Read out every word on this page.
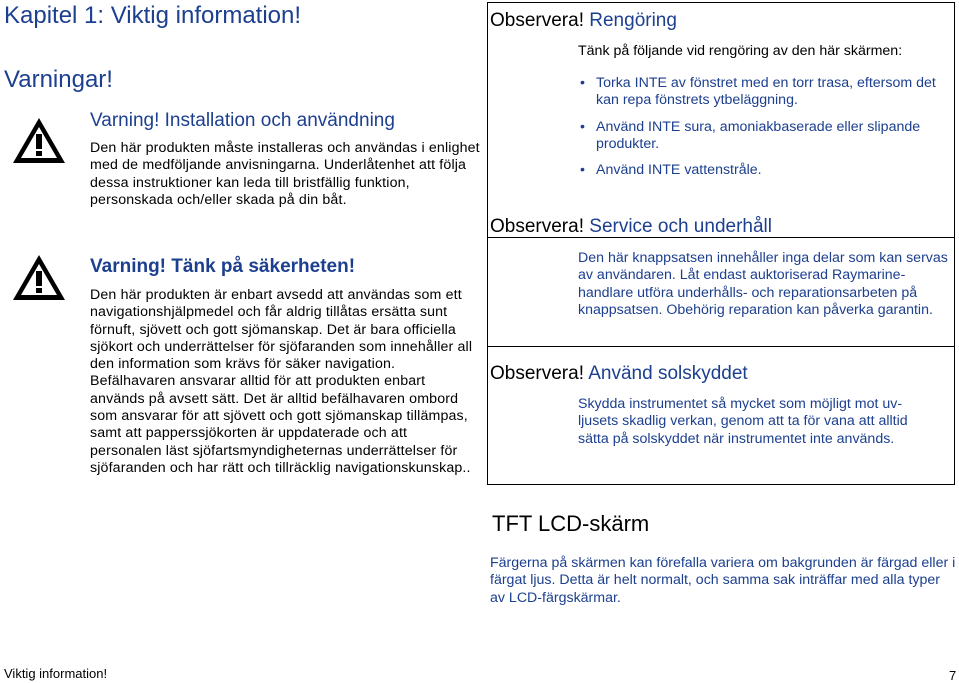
Kapitel 1: Viktig information!
Varningar!
Varning! Installation och användning
Den här produkten måste installeras och användas i enlighet med de medföljande anvisningarna. Underlåtenhet att följa dessa instruktioner kan leda till bristfällig funktion, personskada och/eller skada på din båt.
Varning! Tänk på säkerheten!
Den här produkten är enbart avsedd att användas som ett navigationshjälpmedel och får aldrig tillåtas ersätta sunt förnuft, sjövett och gott sjömanskap. Det är bara officiella sjökort och underrättelser för sjöfaranden som innehåller all den information som krävs för säker navigation. Befälhavaren ansvarar alltid för att produkten enbart används på avsett sätt. Det är alltid befälhavaren ombord som ansvarar för att sjövett och gott sjömanskap tillämpas, samt att papperssjökorten är uppdaterade och att personalen läst sjöfartsmyndigheternas underrättelser för sjöfaranden och har rätt och tillräcklig navigationskunskap..
Observera! Rengöring
Tänk på följande vid rengöring av den här skärmen:
• Torka INTE av fönstret med en torr trasa, eftersom det kan repa fönstrets ytbeläggning.
• Använd INTE sura, amoniakbaserade eller slipande produkter.
• Använd INTE vattenstråle.
Observera! Service och underhåll
Den här knappsatsen innehåller inga delar som kan servas av användaren. Låt endast auktoriserad Raymarine-handlare utföra underhålls- och reparationsarbeten på knappsatsen. Obehörig reparation kan påverka garantin.
Observera! Använd solskyddet
Skydda instrumentet så mycket som möjligt mot uv-ljusets skadlig verkan, genom att ta för vana att alltid sätta på solskyddet när instrumentet inte används.
TFT LCD-skärm
Färgerna på skärmen kan förefalla variera om bakgrunden är färgad eller i färgat ljus. Detta är helt normalt, och samma sak inträffar med alla typer av LCD-färgskärmar.
Viktig information!	7
